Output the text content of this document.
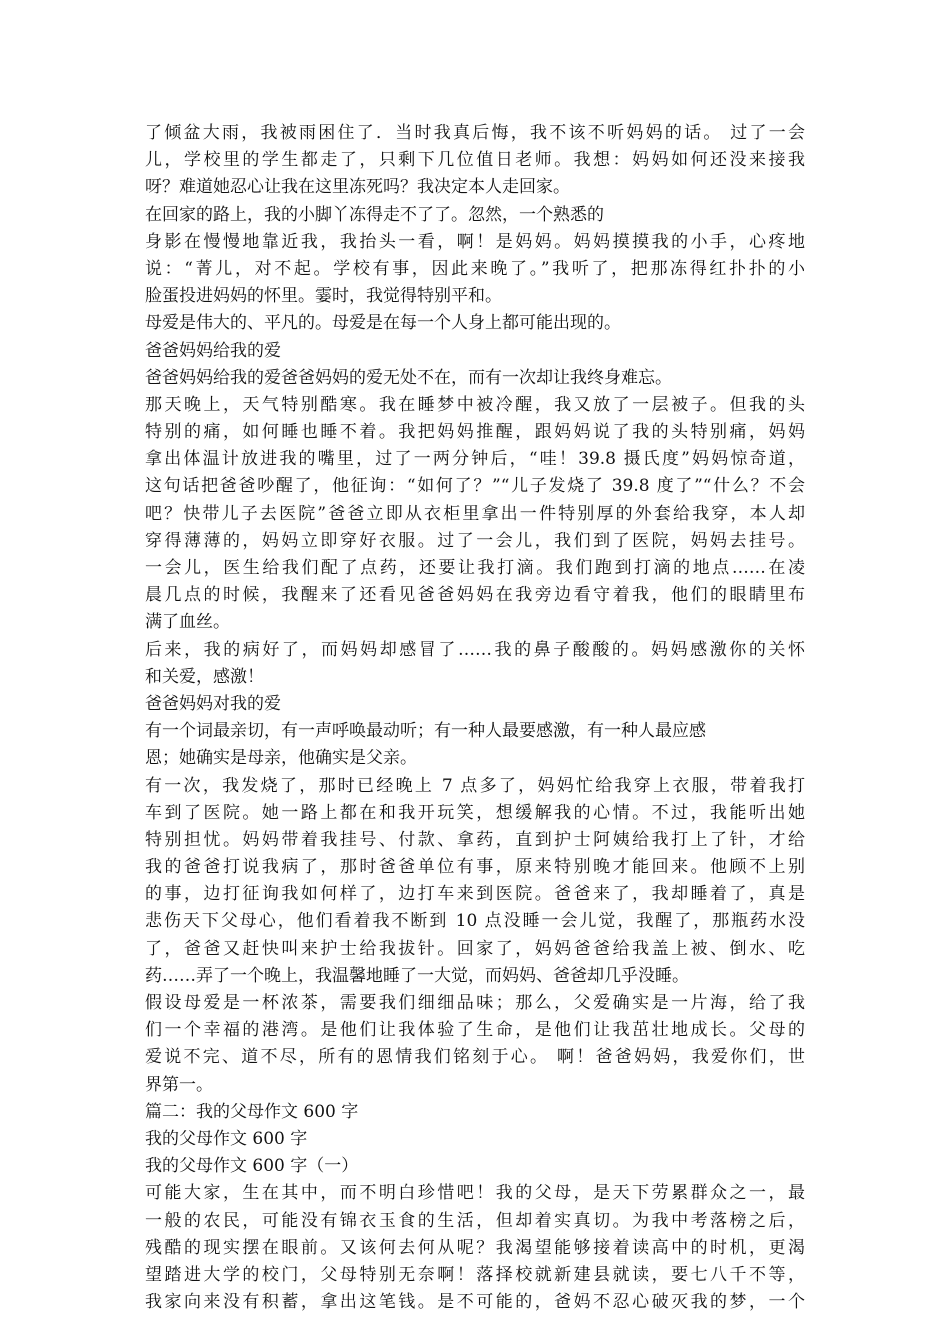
了倾盆大雨，我被雨困住了．当时我真后悔，我不该不听妈妈的话。 过了一会
儿，学校里的学生都走了，只剩下几位值日老师。我想：妈妈如何还没来接我
呀？难道她忍心让我在这里冻死吗？我决定本人走回家。
在回家的路上，我的小脚丫冻得走不了了。忽然，一个熟悉的
身影在慢慢地靠近我，我抬头一看，啊！是妈妈。妈妈摸摸我的小手，心疼地
说：“菁儿，对不起。学校有事，因此来晚了。”我听了，把那冻得红扑扑的小
脸蛋投进妈妈的怀里。霎时，我觉得特别平和。
母爱是伟大的、平凡的。母爱是在每一个人身上都可能出现的。
爸爸妈妈给我的爱
爸爸妈妈给我的爱爸爸妈妈的爱无处不在，而有一次却让我终身难忘。
那天晚上，天气特别酷寒。我在睡梦中被冷醒，我又放了一层被子。但我的头
特别的痛，如何睡也睡不着。我把妈妈推醒，跟妈妈说了我的头特别痛，妈妈
拿出体温计放进我的嘴里，过了一两分钟后，“哇！39.8 摄氏度”妈妈惊奇道，
这句话把爸爸吵醒了，他征询：“如何了？”“儿子发烧了 39.8 度了”“什么？不会
吧？快带儿子去医院”爸爸立即从衣柜里拿出一件特别厚的外套给我穿，本人却
穿得薄薄的，妈妈立即穿好衣服。过了一会儿，我们到了医院，妈妈去挂号。
一会儿，医生给我们配了点药，还要让我打滴。我们跑到打滴的地点……在凌
晨几点的时候，我醒来了还看见爸爸妈妈在我旁边看守着我，他们的眼睛里布
满了血丝。
后来，我的病好了，而妈妈却感冒了……我的鼻子酸酸的。妈妈感激你的关怀
和关爱，感激！
爸爸妈妈对我的爱
有一个词最亲切，有一声呼唤最动听；有一种人最要感激，有一种人最应感
恩；她确实是母亲，他确实是父亲。
有一次，我发烧了，那时已经晚上 7 点多了，妈妈忙给我穿上衣服，带着我打
车到了医院。她一路上都在和我开玩笑，想缓解我的心情。不过，我能听出她
特别担忧。妈妈带着我挂号、付款、拿药，直到护士阿姨给我打上了针，才给
我的爸爸打说我病了，那时爸爸单位有事，原来特别晚才能回来。他顾不上别
的事，边打征询我如何样了，边打车来到医院。爸爸来了，我却睡着了，真是
悲伤天下父母心，他们看着我不断到 10 点没睡一会儿觉，我醒了，那瓶药水没
了，爸爸又赶快叫来护士给我拔针。回家了，妈妈爸爸给我盖上被、倒水、吃
药……弄了一个晚上，我温馨地睡了一大觉，而妈妈、爸爸却几乎没睡。
假设母爱是一杯浓茶，需要我们细细品味；那么，父爱确实是一片海，给了我
们一个幸福的港湾。是他们让我体验了生命，是他们让我茁壮地成长。父母的
爱说不完、道不尽，所有的恩情我们铭刻于心。 啊！爸爸妈妈，我爱你们，世
界第一。
篇二：我的父母作文 600 字
我的父母作文 600 字
我的父母作文 600 字（一）
可能大家，生在其中，而不明白珍惜吧！我的父母，是天下劳累群众之一，最
一般的农民，可能没有锦衣玉食的生活，但却着实真切。为我中考落榜之后，
残酷的现实摆在眼前。又该何去何从呢？我渴望能够接着读高中的时机，更渴
望踏进大学的校门，父母特别无奈啊！落择校就新建县就读，要七八千不等，
我家向来没有积蓄，拿出这笔钱。是不可能的，爸妈不忍心破灭我的梦，一个
